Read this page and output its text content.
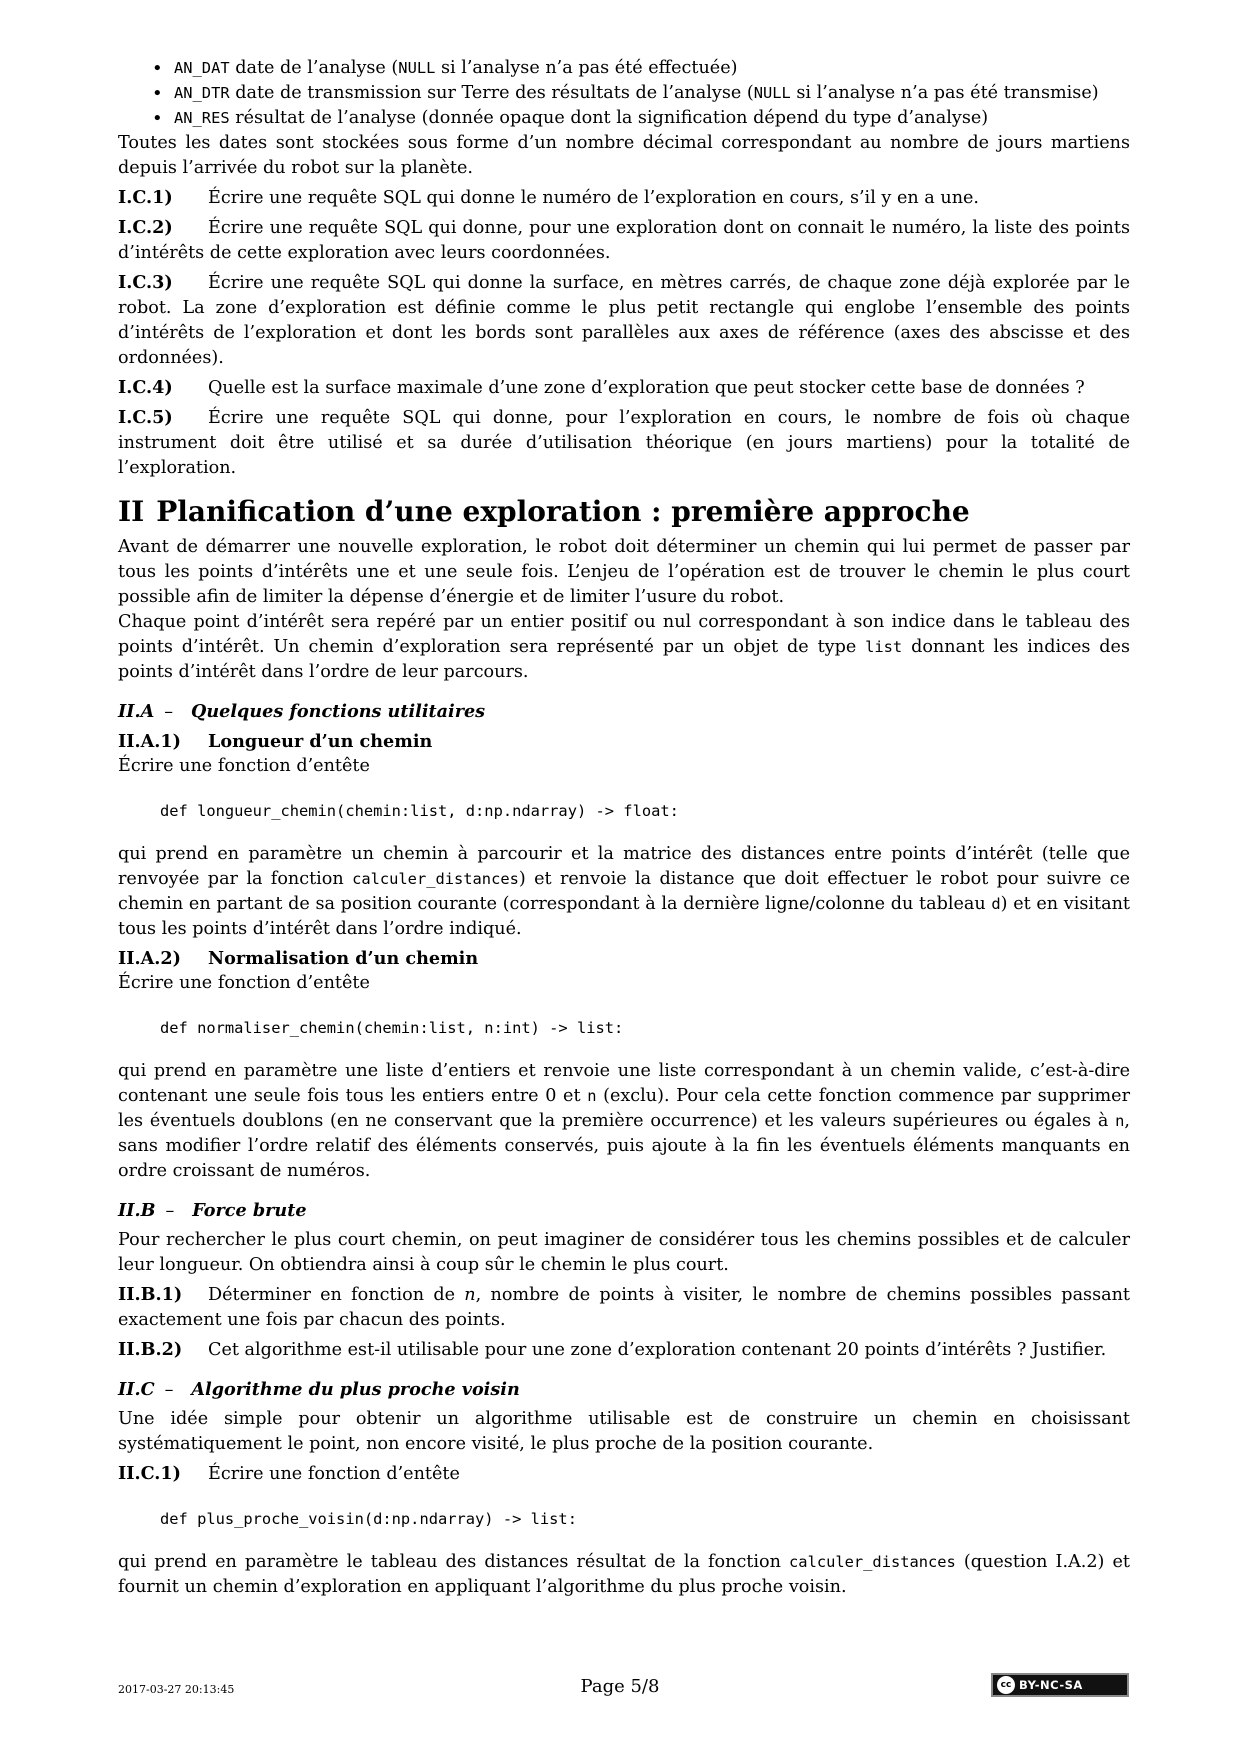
• AN_DAT date de l’analyse (NULL si l’analyse n’a pas été effectuée)
• AN_DTR date de transmission sur Terre des résultats de l’analyse (NULL si l’analyse n’a pas été transmise)
• AN_RES résultat de l’analyse (donnée opaque dont la signification dépend du type d’analyse)

Toutes les dates sont stockées sous forme d’un nombre décimal correspondant au nombre de jours martiens depuis l’arrivée du robot sur la planète.

I.C.1) Écrire une requête SQL qui donne le numéro de l’exploration en cours, s’il y en a une.

I.C.2) Écrire une requête SQL qui donne, pour une exploration dont on connait le numéro, la liste des points d’intérêts de cette exploration avec leurs coordonnées.

I.C.3) Écrire une requête SQL qui donne la surface, en mètres carrés, de chaque zone déjà explorée par le robot. La zone d’exploration est définie comme le plus petit rectangle qui englobe l’ensemble des points d’intérêts de l’exploration et dont les bords sont parallèles aux axes de référence (axes des abscisse et des ordonnées).

I.C.4) Quelle est la surface maximale d’une zone d’exploration que peut stocker cette base de données ?

I.C.5) Écrire une requête SQL qui donne, pour l’exploration en cours, le nombre de fois où chaque instrument doit être utilisé et sa durée d’utilisation théorique (en jours martiens) pour la totalité de l’exploration.

II Planification d’une exploration : première approche

Avant de démarrer une nouvelle exploration, le robot doit déterminer un chemin qui lui permet de passer par tous les points d’intérêts une et une seule fois. L’enjeu de l’opération est de trouver le chemin le plus court possible afin de limiter la dépense d’énergie et de limiter l’usure du robot.

Chaque point d’intérêt sera repéré par un entier positif ou nul correspondant à son indice dans le tableau des points d’intérêt. Un chemin d’exploration sera représenté par un objet de type list donnant les indices des points d’intérêt dans l’ordre de leur parcours.

II.A – Quelques fonctions utilitaires
II.A.1) Longueur d’un chemin

Écrire une fonction d’entête

def longueur_chemin(chemin:list, d:np.ndarray) -> float:

qui prend en paramètre un chemin à parcourir et la matrice des distances entre points d’intérêt (telle que renvoyée par la fonction calculer_distances) et renvoie la distance que doit effectuer le robot pour suivre ce chemin en partant de sa position courante (correspondant à la dernière ligne/colonne du tableau d) et en visitant tous les points d’intérêt dans l’ordre indiqué.

II.A.2) Normalisation d’un chemin

Écrire une fonction d’entête

def normaliser_chemin(chemin:list, n:int) -> list:

qui prend en paramètre une liste d’entiers et renvoie une liste correspondant à un chemin valide, c’est-à-dire contenant une seule fois tous les entiers entre 0 et n (exclu). Pour cela cette fonction commence par supprimer les éventuels doublons (en ne conservant que la première occurrence) et les valeurs supérieures ou égales à n, sans modifier l’ordre relatif des éléments conservés, puis ajoute à la fin les éventuels éléments manquants en ordre croissant de numéros.

II.B – Force brute

Pour rechercher le plus court chemin, on peut imaginer de considérer tous les chemins possibles et de calculer leur longueur. On obtiendra ainsi à coup sûr le chemin le plus court.

II.B.1) Déterminer en fonction de n, nombre de points à visiter, le nombre de chemins possibles passant exactement une fois par chacun des points.

II.B.2) Cet algorithme est-il utilisable pour une zone d’exploration contenant 20 points d’intérêts ? Justifier.

II.C – Algorithme du plus proche voisin

Une idée simple pour obtenir un algorithme utilisable est de construire un chemin en choisissant systématiquement le point, non encore visité, le plus proche de la position courante.

II.C.1) Écrire une fonction d’entête

def plus_proche_voisin(d:np.ndarray) -> list:

qui prend en paramètre le tableau des distances résultat de la fonction calculer_distances (question I.A.2) et fournit un chemin d’exploration en appliquant l’algorithme du plus proche voisin.

2017-03-27 20:13:45	Page 5/8	cc BY-NC-SA
